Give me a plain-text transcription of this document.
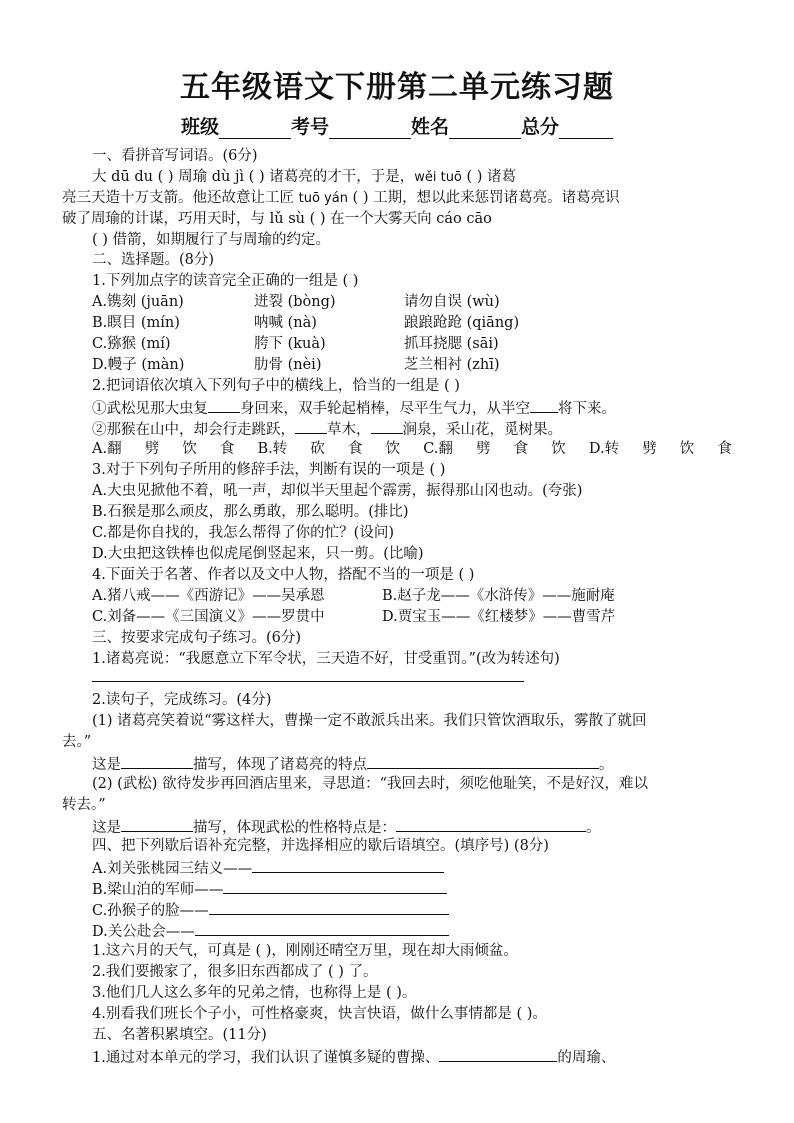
五年级语文下册第二单元练习题
班级	考号	姓名	总分
一、看拼音写词语。(6分)
大 dū du ( ) 周瑜 dù jì ( ) 诸葛亮的才干，于是，wěi tuō ( ) 诸葛
亮三天造十万支箭。他还故意让工匠 tuō yán ( ) 工期，想以此来惩罚诸葛亮。诸葛亮识
破了周瑜的计谋，巧用天时，与 lǔ sù ( ) 在一个大雾天向 cáo cāo
( ) 借箭，如期履行了与周瑜的约定。
二、选择题。(8分)
1.下列加点字的读音完全正确的一组是 ( )
A.镌刻 (juān)	迸裂 (bòng)	请勿自误 (wù)
B.瞑目 (mín)	呐喊 (nà)	踉踉跄跄 (qiāng)
C.猕猴 (mí)	胯下 (kuà)	抓耳挠腮 (sāi)
D.幔子 (màn)	肋骨 (nèi)	芝兰相衬 (zhī)
2.把词语依次填入下列句子中的横线上，恰当的一组是 ( )
①武松见那大虫复 身回来，双手轮起梢棒，尽平生气力，从半空 将下来。
②那猴在山中，却会行走跳跃， 草木， 涧泉，采山花，觅树果。
A.翻 劈 饮 食 B.转 砍 食 饮 C.翻 劈 食 饮 D.转 劈 饮 食
3.对于下列句子所用的修辞手法，判断有误的一项是 ( )
A.大虫见掀他不着，吼一声，却似半天里起个霹雳，振得那山冈也动。(夸张)
B.石猴是那么顽皮，那么勇敢，那么聪明。(排比)
C.都是你自找的，我怎么帮得了你的忙？(设问)
D.大虫把这铁棒也似虎尾倒竖起来，只一剪。(比喻)
4.下面关于名著、作者以及文中人物，搭配不当的一项是 ( )
A.猪八戒——《西游记》——吴承恩	B.赵子龙——《水浒传》——施耐庵
C.刘备——《三国演义》——罗贯中	D.贾宝玉——《红楼梦》——曹雪芹
三、按要求完成句子练习。(6分)
1.诸葛亮说：“我愿意立下军令状，三天造不好，甘受重罚。”(改为转述句)
2.读句子，完成练习。(4分)
(1) 诸葛亮笑着说“雾这样大，曹操一定不敢派兵出来。我们只管饮酒取乐，雾散了就回
去。”
这是	描写，体现了诸葛亮的特点	。
(2) (武松) 欲待发步再回酒店里来，寻思道：“我回去时，须吃他耻笑，不是好汉，难以
转去。”
这是	描写，体现武松的性格特点是：	。
四、把下列歇后语补充完整，并选择相应的歇后语填空。(填序号) (8分)
A.刘关张桃园三结义——
B.梁山泊的军师——
C.孙猴子的脸——
D.关公赴会——
1.这六月的天气，可真是 ( )，刚刚还晴空万里，现在却大雨倾盆。
2.我们要搬家了，很多旧东西都成了 ( ) 了。
3.他们几人这么多年的兄弟之情，也称得上是 ( )。
4.别看我们班长个子小，可性格豪爽，快言快语，做什么事情都是 ( )。
五、名著积累填空。(11分)
1.通过对本单元的学习，我们认识了谨慎多疑的曹操、	的周瑜、
